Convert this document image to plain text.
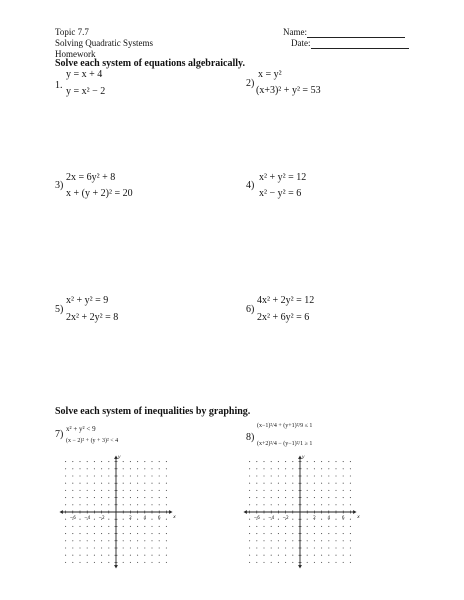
Topic 7.7
Solving Quadratic Systems
Homework
Name:
Date:
Solve each system of equations algebraically.
1.
y = x + 4
y = x² − 2
2)
x = y²
(x+3)² + y² = 53
3)
2x = 6y² + 8
x + (y + 2)² = 20
4)
x² + y² = 12
x² − y² = 6
5)
x² + y² = 9
2x² + 2y² = 8
6)
4x² + 2y² = 12
2x² + 6y² = 6
Solve each system of inequalities by graphing.
7) x² + y² < 9
(x − 2)² + (y + 3)² < 4	8)
(x−1)²/4 + (y+1)²/9 ≤ 1
(x+2)²/4 − (y−1)²/1 ≥ 1
−6 −4 −2	2	4	6	x
y
−6 −4 −2	2	4	6	x
y
